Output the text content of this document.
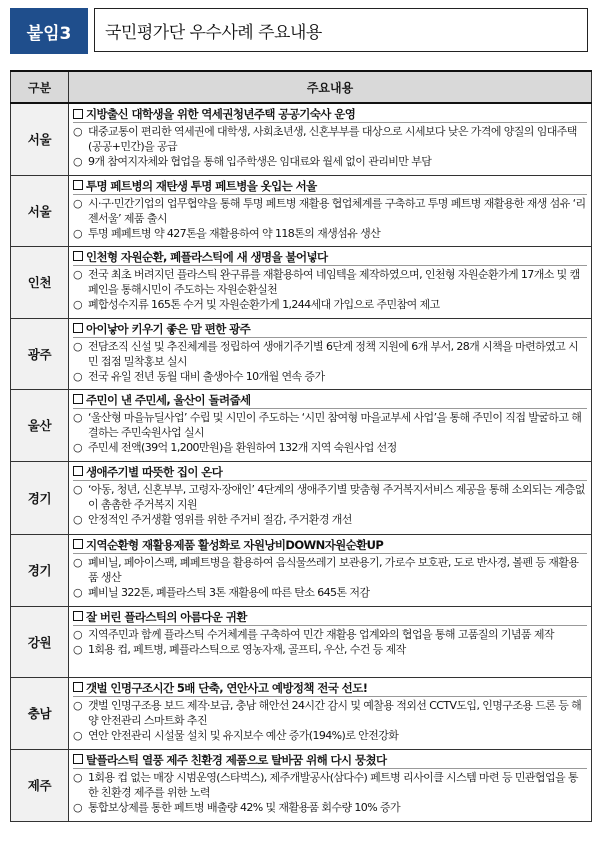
붙임3	국민평가단 우수사례 주요내용
구분	주요내용
서울	지방출신 대학생을 위한 역세권청년주택 공공기숙사 운영
○ 대중교통이 편리한 역세권에 대학생, 사회초년생, 신혼부부를 대상으로 시세보다 낮은 가격에 양질의 임대주택(공공+민간)을 공급
○ 9개 참여지자체와 협업을 통해 입주학생은 임대료와 월세 없이 관리비만 부담

서울	투명 페트병의 재탄생 투명 페트병을 옷입는 서울
○ 시·구·민간기업의 업무협약을 통해 투명 페트병 재활용 협업체계를 구축하고 투명 페트병 재활용한 재생 섬유 ‘리젠서울’ 제품 출시
○ 투명 페페트병 약 427톤을 재활용하여 약 118톤의 재생섬유 생산

인천	인천형 자원순환, 폐플라스틱에 새 생명을 불어넣다
○ 전국 최초 버려지던 플라스틱 완구류를 재활용하여 네임텍을 제작하였으며, 인천형 자원순환가게 17개소 및 캠페인을 통해시민이 주도하는 자원순환실천
○ 폐합성수지류 165톤 수거 및 자원순환가게 1,244세대 가입으로 주민참여 제고

광주	아이낳아 키우기 좋은 맘 편한 광주
○ 전담조직 신설 및 추진체계를 정립하여 생애기주기별 6단계 정책 지원에 6개 부서, 28개 시책을 마련하였고 시민 접점 밀착홍보 실시
○ 전국 유일 전년 동월 대비 출생아수 10개월 연속 증가

울산	주민이 낸 주민세, 울산이 돌려줍세
○ ‘울산형 마을뉴딜사업’ 수립 및 시민이 주도하는 ‘시민 참여형 마을교부세 사업’을 통해 주민이 직접 발굴하고 해결하는 주민숙원사업 실시
○ 주민세 전액(39억 1,200만원)을 환원하여 132개 지역 숙원사업 선정

경기	생애주기별 따뜻한 집이 온다
○ ‘아동, 청년, 신혼부부, 고령자·장애인’ 4단계의 생애주기별 맞춤형 주거복지서비스 제공을 통해 소외되는 계층없이 촘촘한 주거복지 지원
○ 안정적인 주거생활 영위를 위한 주거비 절감, 주거환경 개선

경기	지역순환형 재활용제품 활성화로 자원낭비DOWN자원순환UP
○ 폐비닐, 페아이스팩, 폐페트병을 활용하여 음식물쓰레기 보관용기, 가로수 보호판, 도로 반사경, 볼펜 등 재활용품 생산
○ 폐비닐 322톤, 폐플라스틱 3톤 재활용에 따른 탄소 645톤 저감

강원	잘 버린 플라스틱의 아름다운 귀환
○ 지역주민과 함께 플라스틱 수거체계를 구축하여 민간 재활용 업계와의 협업을 통해 고품질의 기념품 제작
○ 1회용 컵, 페트병, 폐플라스틱으로 영농자재, 골프티, 우산, 수건 등 제작

충남	갯벌 인명구조시간 5배 단축, 연안사고 예방정책 전국 선도!
○ 갯벌 인명구조용 보드 제작·보급, 충남 해안선 24시간 감시 및 예찰용 적외선 CCTV도입, 인명구조용 드론 등 해양 안전관리 스마트화 추진
○ 연안 안전관리 시설물 설치 및 유지보수 예산 증가(194%)로 안전강화

제주	탈플라스틱 열풍 제주 친환경 제품으로 탈바꿈 위해 다시 뭉쳤다
○ 1회용 컵 없는 매장 시범운영(스타벅스), 제주개발공사(삼다수) 페트병 리사이클 시스템 마련 등 민관협업을 통한 친환경 제주를 위한 노력
○ 통합보상제를 통한 페트병 배출량 42% 및 재활용품 회수량 10% 증가
